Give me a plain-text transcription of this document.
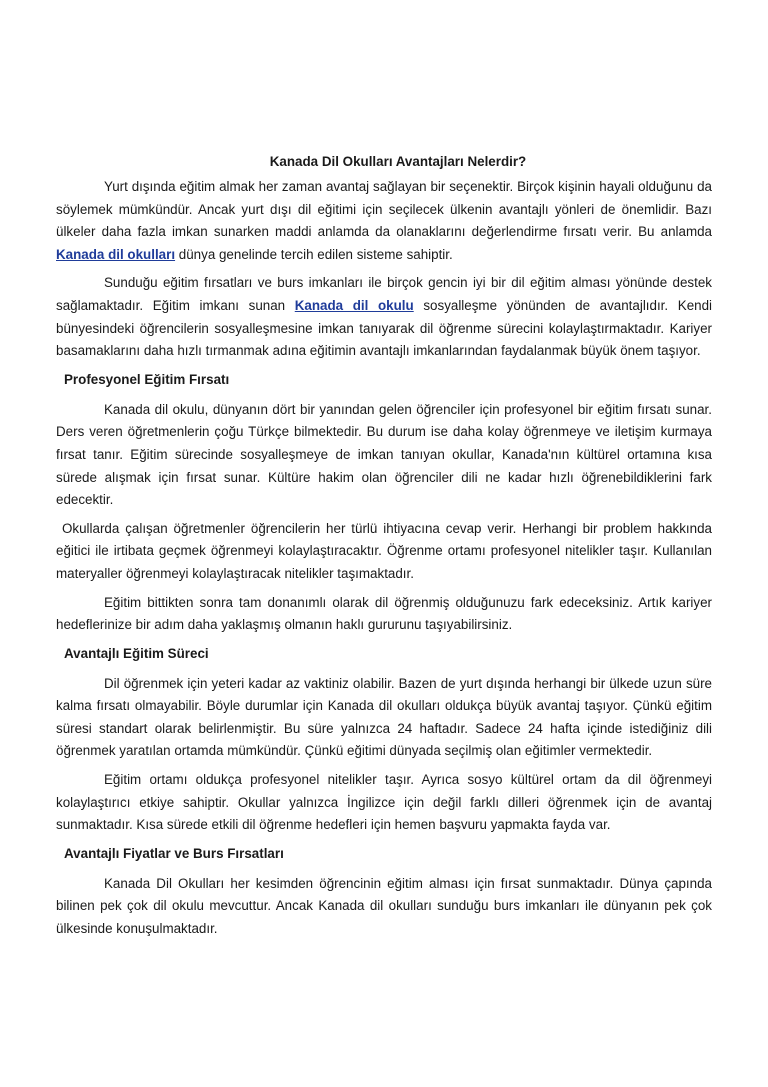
Kanada Dil Okulları Avantajları Nelerdir?

Yurt dışında eğitim almak her zaman avantaj sağlayan bir seçenektir. Birçok kişinin hayali olduğunu da söylemek mümkündür. Ancak yurt dışı dil eğitimi için seçilecek ülkenin avantajlı yönleri de önemlidir. Bazı ülkeler daha fazla imkan sunarken maddi anlamda da olanaklarını değerlendirme fırsatı verir. Bu anlamda Kanada dil okulları dünya genelinde tercih edilen sisteme sahiptir.

Sunduğu eğitim fırsatları ve burs imkanları ile birçok gencin iyi bir dil eğitim alması yönünde destek sağlamaktadır. Eğitim imkanı sunan Kanada dil okulu sosyalleşme yönünden de avantajlıdır. Kendi bünyesindeki öğrencilerin sosyalleşmesine imkan tanıyarak dil öğrenme sürecini kolaylaştırmaktadır. Kariyer basamaklarını daha hızlı tırmanmak adına eğitimin avantajlı imkanlarından faydalanmak büyük önem taşıyor.

Profesyonel Eğitim Fırsatı

Kanada dil okulu, dünyanın dört bir yanından gelen öğrenciler için profesyonel bir eğitim fırsatı sunar. Ders veren öğretmenlerin çoğu Türkçe bilmektedir. Bu durum ise daha kolay öğrenmeye ve iletişim kurmaya fırsat tanır. Eğitim sürecinde sosyalleşmeye de imkan tanıyan okullar, Kanada'nın kültürel ortamına kısa sürede alışmak için fırsat sunar. Kültüre hakim olan öğrenciler dili ne kadar hızlı öğrenebildiklerini fark edecektir.

Okullarda çalışan öğretmenler öğrencilerin her türlü ihtiyacına cevap verir. Herhangi bir problem hakkında eğitici ile irtibata geçmek öğrenmeyi kolaylaştıracaktır. Öğrenme ortamı profesyonel nitelikler taşır. Kullanılan materyaller öğrenmeyi kolaylaştıracak nitelikler taşımaktadır.

Eğitim bittikten sonra tam donanımlı olarak dil öğrenmiş olduğunuzu fark edeceksiniz. Artık kariyer hedeflerinize bir adım daha yaklaşmış olmanın haklı gururunu taşıyabilirsiniz.

Avantajlı Eğitim Süreci

Dil öğrenmek için yeteri kadar az vaktiniz olabilir. Bazen de yurt dışında herhangi bir ülkede uzun süre kalma fırsatı olmayabilir. Böyle durumlar için Kanada dil okulları oldukça büyük avantaj taşıyor. Çünkü eğitim süresi standart olarak belirlenmiştir. Bu süre yalnızca 24 haftadır. Sadece 24 hafta içinde istediğiniz dili öğrenmek yaratılan ortamda mümkündür. Çünkü eğitimi dünyada seçilmiş olan eğitimler vermektedir.

Eğitim ortamı oldukça profesyonel nitelikler taşır. Ayrıca sosyo kültürel ortam da dil öğrenmeyi kolaylaştırıcı etkiye sahiptir. Okullar yalnızca İngilizce için değil farklı dilleri öğrenmek için de avantaj sunmaktadır. Kısa sürede etkili dil öğrenme hedefleri için hemen başvuru yapmakta fayda var.

Avantajlı Fiyatlar ve Burs Fırsatları

Kanada Dil Okulları her kesimden öğrencinin eğitim alması için fırsat sunmaktadır. Dünya çapında bilinen pek çok dil okulu mevcuttur. Ancak Kanada dil okulları sunduğu burs imkanları ile dünyanın pek çok ülkesinde konuşulmaktadır.
